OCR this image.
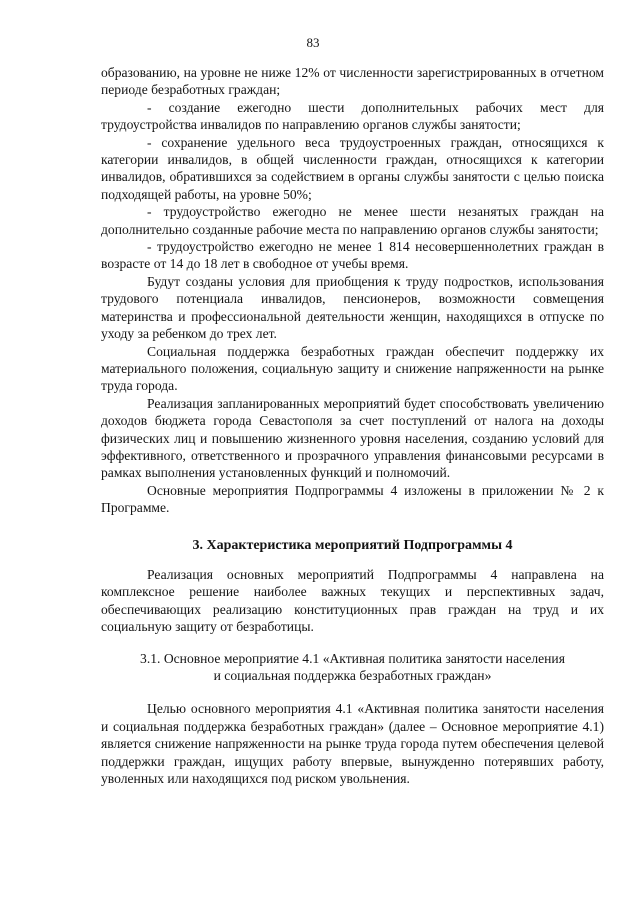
83

образованию, на уровне не ниже 12% от численности зарегистрированных в отчетном периоде безработных граждан;

- создание ежегодно шести дополнительных рабочих мест для трудоустройства инвалидов по направлению органов службы занятости;

- сохранение удельного веса трудоустроенных граждан, относящихся к категории инвалидов, в общей численности граждан, относящихся к категории инвалидов, обратившихся за содействием в органы службы занятости с целью поиска подходящей работы, на уровне 50%;

- трудоустройство ежегодно не менее шести незанятых граждан на дополнительно созданные рабочие места по направлению органов службы занятости;

- трудоустройство ежегодно не менее 1 814 несовершеннолетних граждан в возрасте от 14 до 18 лет в свободное от учебы время.

Будут созданы условия для приобщения к труду подростков, использования трудового потенциала инвалидов, пенсионеров, возможности совмещения материнства и профессиональной деятельности женщин, находящихся в отпуске по уходу за ребенком до трех лет.

Социальная поддержка безработных граждан обеспечит поддержку их материального положения, социальную защиту и снижение напряженности на рынке труда города.

Реализация запланированных мероприятий будет способствовать увеличению доходов бюджета города Севастополя за счет поступлений от налога на доходы физических лиц и повышению жизненного уровня населения, созданию условий для эффективного, ответственного и прозрачного управления финансовыми ресурсами в рамках выполнения установленных функций и полномочий.

Основные мероприятия Подпрограммы 4 изложены в приложении № 2 к Программе.

3. Характеристика мероприятий Подпрограммы 4

Реализация основных мероприятий Подпрограммы 4 направлена на комплексное решение наиболее важных текущих и перспективных задач, обеспечивающих реализацию конституционных прав граждан на труд и их социальную защиту от безработицы.

3.1. Основное мероприятие 4.1 «Активная политика занятости населения
и социальная поддержка безработных граждан»

Целью основного мероприятия 4.1 «Активная политика занятости населения и социальная поддержка безработных граждан» (далее – Основное мероприятие 4.1) является снижение напряженности на рынке труда города путем обеспечения целевой поддержки граждан, ищущих работу впервые, вынужденно потерявших работу, уволенных или находящихся под риском увольнения.
